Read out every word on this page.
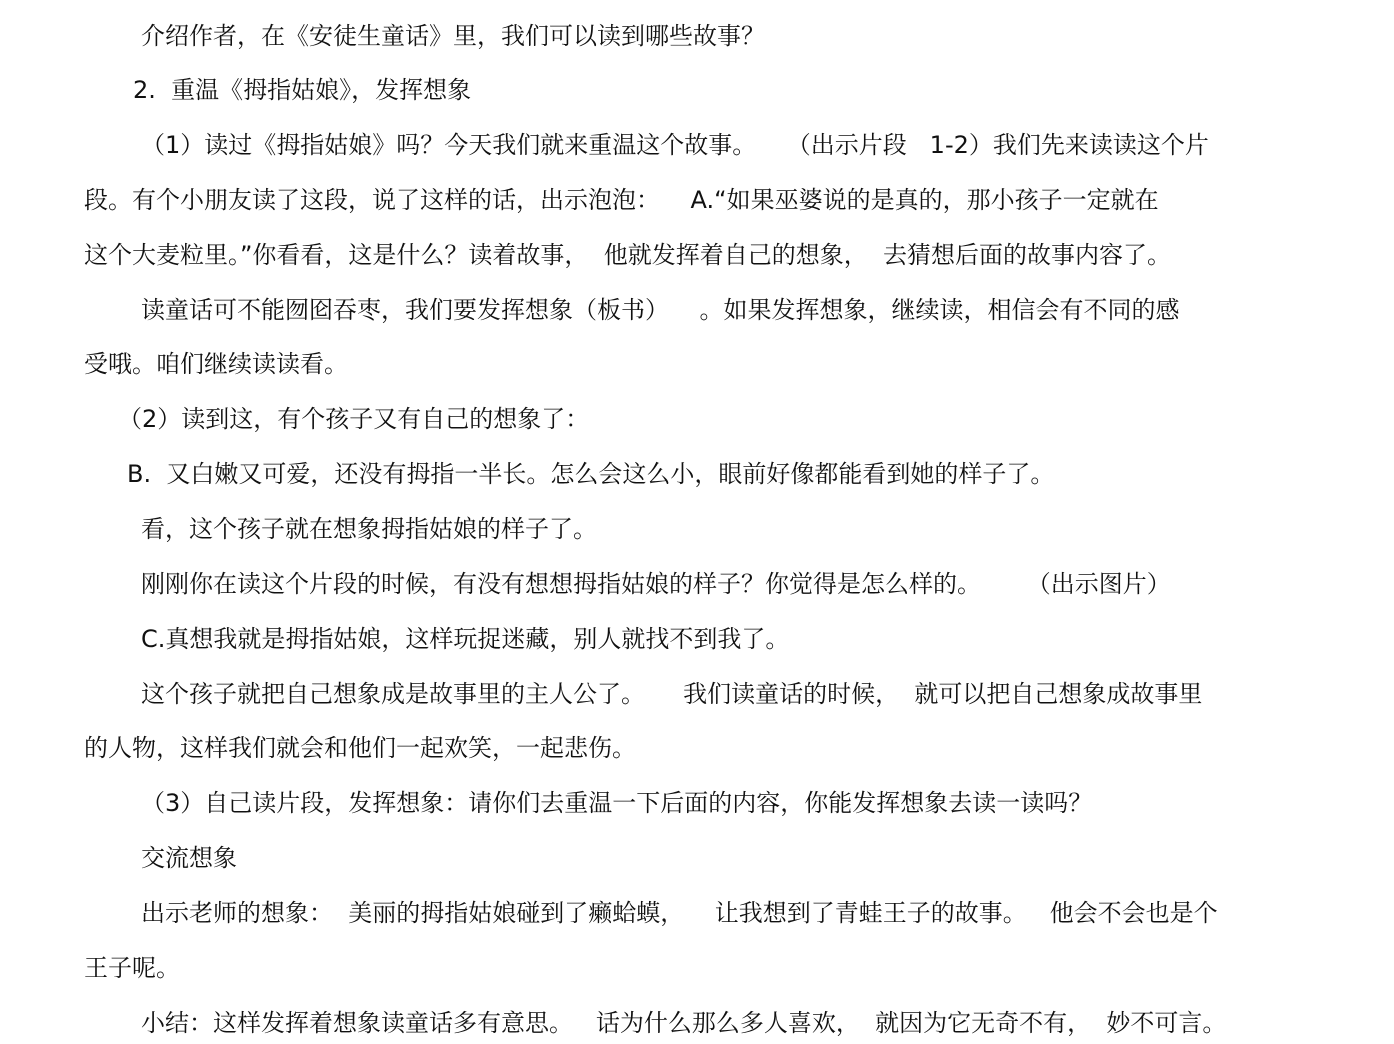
介绍作者，在《安徒生童话》里，我们可以读到哪些故事？
2.  重温《拇指姑娘》，发挥想象
（1）读过《拇指姑娘》吗？今天我们就来重温这个故事。    （出示片段   1-2）我们先来读读这个片
段。有个小朋友读了这段，说了这样的话，出示泡泡：    A.“如果巫婆说的是真的，那小孩子一定就在
这个大麦粒里。”你看看，这是什么？读着故事，  他就发挥着自己的想象，  去猜想后面的故事内容了。
读童话可不能囫囵吞枣，我们要发挥想象（板书）    。如果发挥想象，继续读，相信会有不同的感
受哦。咱们继续读读看。
（2）读到这，有个孩子又有自己的想象了：
B.  又白嫩又可爱，还没有拇指一半长。怎么会这么小，眼前好像都能看到她的样子了。
看，这个孩子就在想象拇指姑娘的样子了。
刚刚你在读这个片段的时候，有没有想想拇指姑娘的样子？你觉得是怎么样的。      （出示图片）
C.真想我就是拇指姑娘，这样玩捉迷藏，别人就找不到我了。
这个孩子就把自己想象成是故事里的主人公了。     我们读童话的时候，  就可以把自己想象成故事里
的人物，这样我们就会和他们一起欢笑，一起悲伤。
（3）自己读片段，发挥想象：请你们去重温一下后面的内容，你能发挥想象去读一读吗？
交流想象
出示老师的想象：  美丽的拇指姑娘碰到了癞蛤蟆，    让我想到了青蛙王子的故事。   他会不会也是个
王子呢。
小结：这样发挥着想象读童话多有意思。   话为什么那么多人喜欢，  就因为它无奇不有，  妙不可言。
